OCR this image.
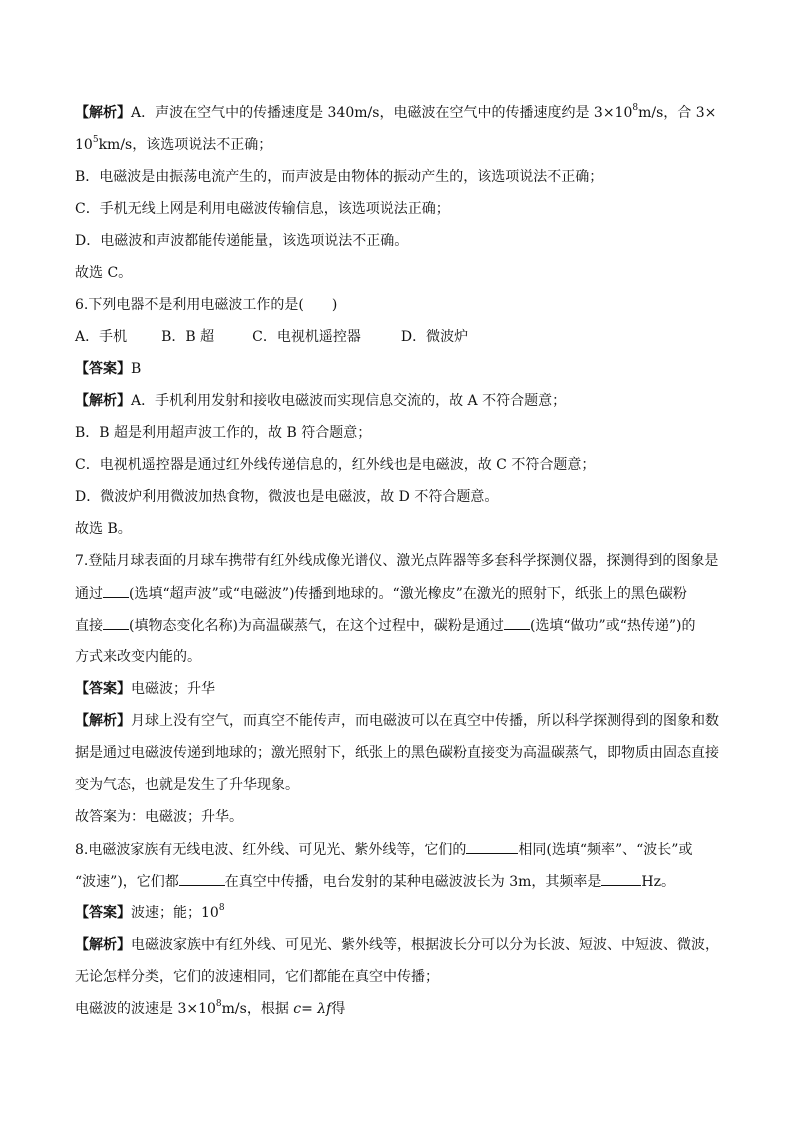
【解析】A．声波在空气中的传播速度是 340m/s，电磁波在空气中的传播速度约是 $3\times 10^8m/s$，合 3×
$10^5km/s$，该选项说法不正确；
B．电磁波是由振荡电流产生的，而声波是由物体的振动产生的，该选项说法不正确；
C．手机无线上网是利用电磁波传输信息，该选项说法正确；
D．电磁波和声波都能传递能量，该选项说法不正确。
故选 C。
6.下列电器不是利用电磁波工作的是(　　)
A．手机 B．B 超	C．电视机遥控器	D．微波炉
【答案】B
【解析】A．手机利用发射和接收电磁波而实现信息交流的，故 A 不符合题意；
B．B 超是利用超声波工作的，故 B 符合题意；
C．电视机遥控器是通过红外线传递信息的，红外线也是电磁波，故 C 不符合题意；
D．微波炉利用微波加热食物，微波也是电磁波，故 D 不符合题意。
故选 B。
7.登陆月球表面的月球车携带有红外线成像光谱仪、激光点阵器等多套科学探测仪器，探测得到的图象是
通过 (选填“超声波”或“电磁波”)传播到地球的。“激光橡皮”在激光的照射下，纸张上的黑色碳粉
直接 (填物态变化名称)为高温碳蒸气，在这个过程中，碳粉是通过 (选填“做功”或“热传递”)的
方式来改变内能的。
【答案】电磁波；升华
【解析】月球上没有空气，而真空不能传声，而电磁波可以在真空中传播，所以科学探测得到的图象和数
据是通过电磁波传递到地球的；激光照射下，纸张上的黑色碳粉直接变为高温碳蒸气，即物质由固态直接
变为气态，也就是发生了升华现象。
故答案为：电磁波；升华。
8.电磁波家族有无线电波、红外线、可见光、紫外线等，它们的	相同(选填“频率”、“波长”或
“波速”)，它们都	在真空中传播，电台发射的某种电磁波波长为 3m，其频率是	Hz。
【答案】波速；能；$10^8$
【解析】电磁波家族中有红外线、可见光、紫外线等，根据波长分可以分为长波、短波、中短波、微波，
无论怎样分类，它们的波速相同，它们都能在真空中传播；
电磁波的波速是 $3\times 10^8m/s$，根据 c= λf得
